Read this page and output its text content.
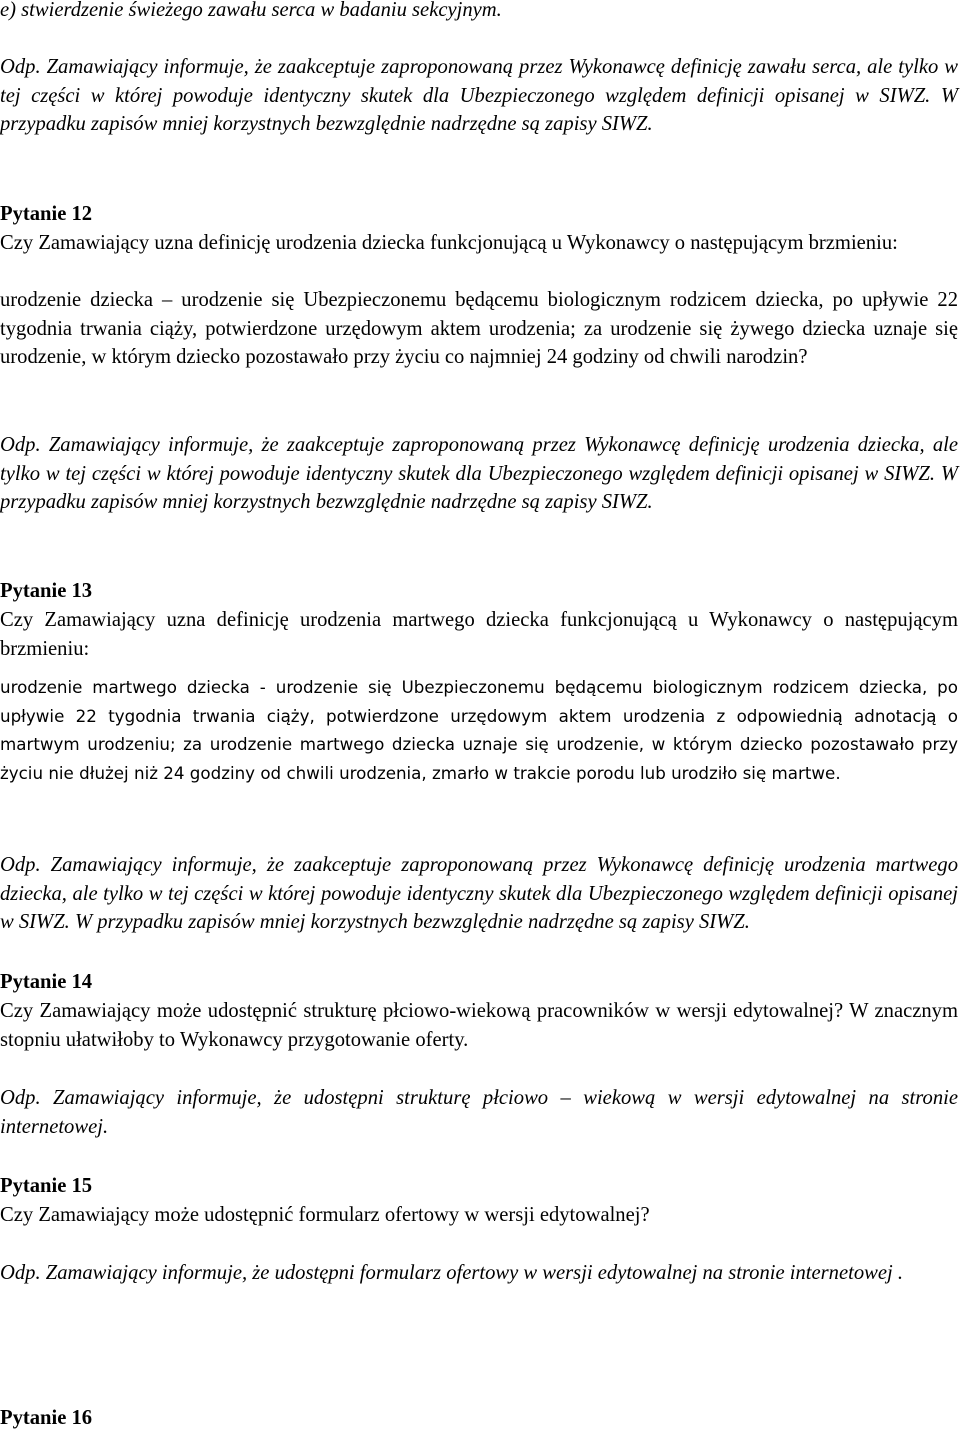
e) stwierdzenie świeżego zawału serca w badaniu sekcyjnym.

Odp. Zamawiający informuje, że zaakceptuje zaproponowaną przez Wykonawcę definicję zawału serca, ale tylko w tej części w której powoduje identyczny skutek dla Ubezpieczonego względem definicji opisanej w SIWZ. W przypadku zapisów mniej korzystnych bezwzględnie nadrzędne są zapisy SIWZ.

Pytanie 12

Czy Zamawiający uzna definicję urodzenia dziecka funkcjonującą u Wykonawcy o następującym brzmieniu:

urodzenie dziecka – urodzenie się Ubezpieczonemu będącemu biologicznym rodzicem dziecka, po upływie 22 tygodnia trwania ciąży, potwierdzone urzędowym aktem urodzenia; za urodzenie się żywego dziecka uznaje się urodzenie, w którym dziecko pozostawało przy życiu co najmniej 24 godziny od chwili narodzin?

Odp. Zamawiający informuje, że zaakceptuje zaproponowaną przez Wykonawcę definicję urodzenia dziecka, ale tylko w tej części w której powoduje identyczny skutek dla Ubezpieczonego względem definicji opisanej w SIWZ. W przypadku zapisów mniej korzystnych bezwzględnie nadrzędne są zapisy SIWZ.

Pytanie 13

Czy Zamawiający uzna definicję urodzenia martwego dziecka funkcjonującą u Wykonawcy o następującym brzmieniu:

urodzenie martwego dziecka - urodzenie się Ubezpieczonemu będącemu biologicznym rodzicem dziecka, po upływie 22 tygodnia trwania ciąży, potwierdzone urzędowym aktem urodzenia z odpowiednią adnotacją o martwym urodzeniu; za urodzenie martwego dziecka uznaje się urodzenie, w którym dziecko pozostawało przy życiu nie dłużej niż 24 godziny od chwili urodzenia, zmarło w trakcie porodu lub urodziło się martwe.

Odp. Zamawiający informuje, że zaakceptuje zaproponowaną przez Wykonawcę definicję urodzenia martwego dziecka, ale tylko w tej części w której powoduje identyczny skutek dla Ubezpieczonego względem definicji opisanej w SIWZ. W przypadku zapisów mniej korzystnych bezwzględnie nadrzędne są zapisy SIWZ.

Pytanie 14

Czy Zamawiający może udostępnić strukturę płciowo-wiekową pracowników w wersji edytowalnej? W znacznym stopniu ułatwiłoby to Wykonawcy przygotowanie oferty.

Odp. Zamawiający informuje, że udostępni strukturę płciowo – wiekową w wersji edytowalnej na stronie internetowej.

Pytanie 15

Czy Zamawiający może udostępnić formularz ofertowy w wersji edytowalnej?

Odp. Zamawiający informuje, że udostępni formularz ofertowy w wersji edytowalnej na stronie internetowej .

Pytanie 16
